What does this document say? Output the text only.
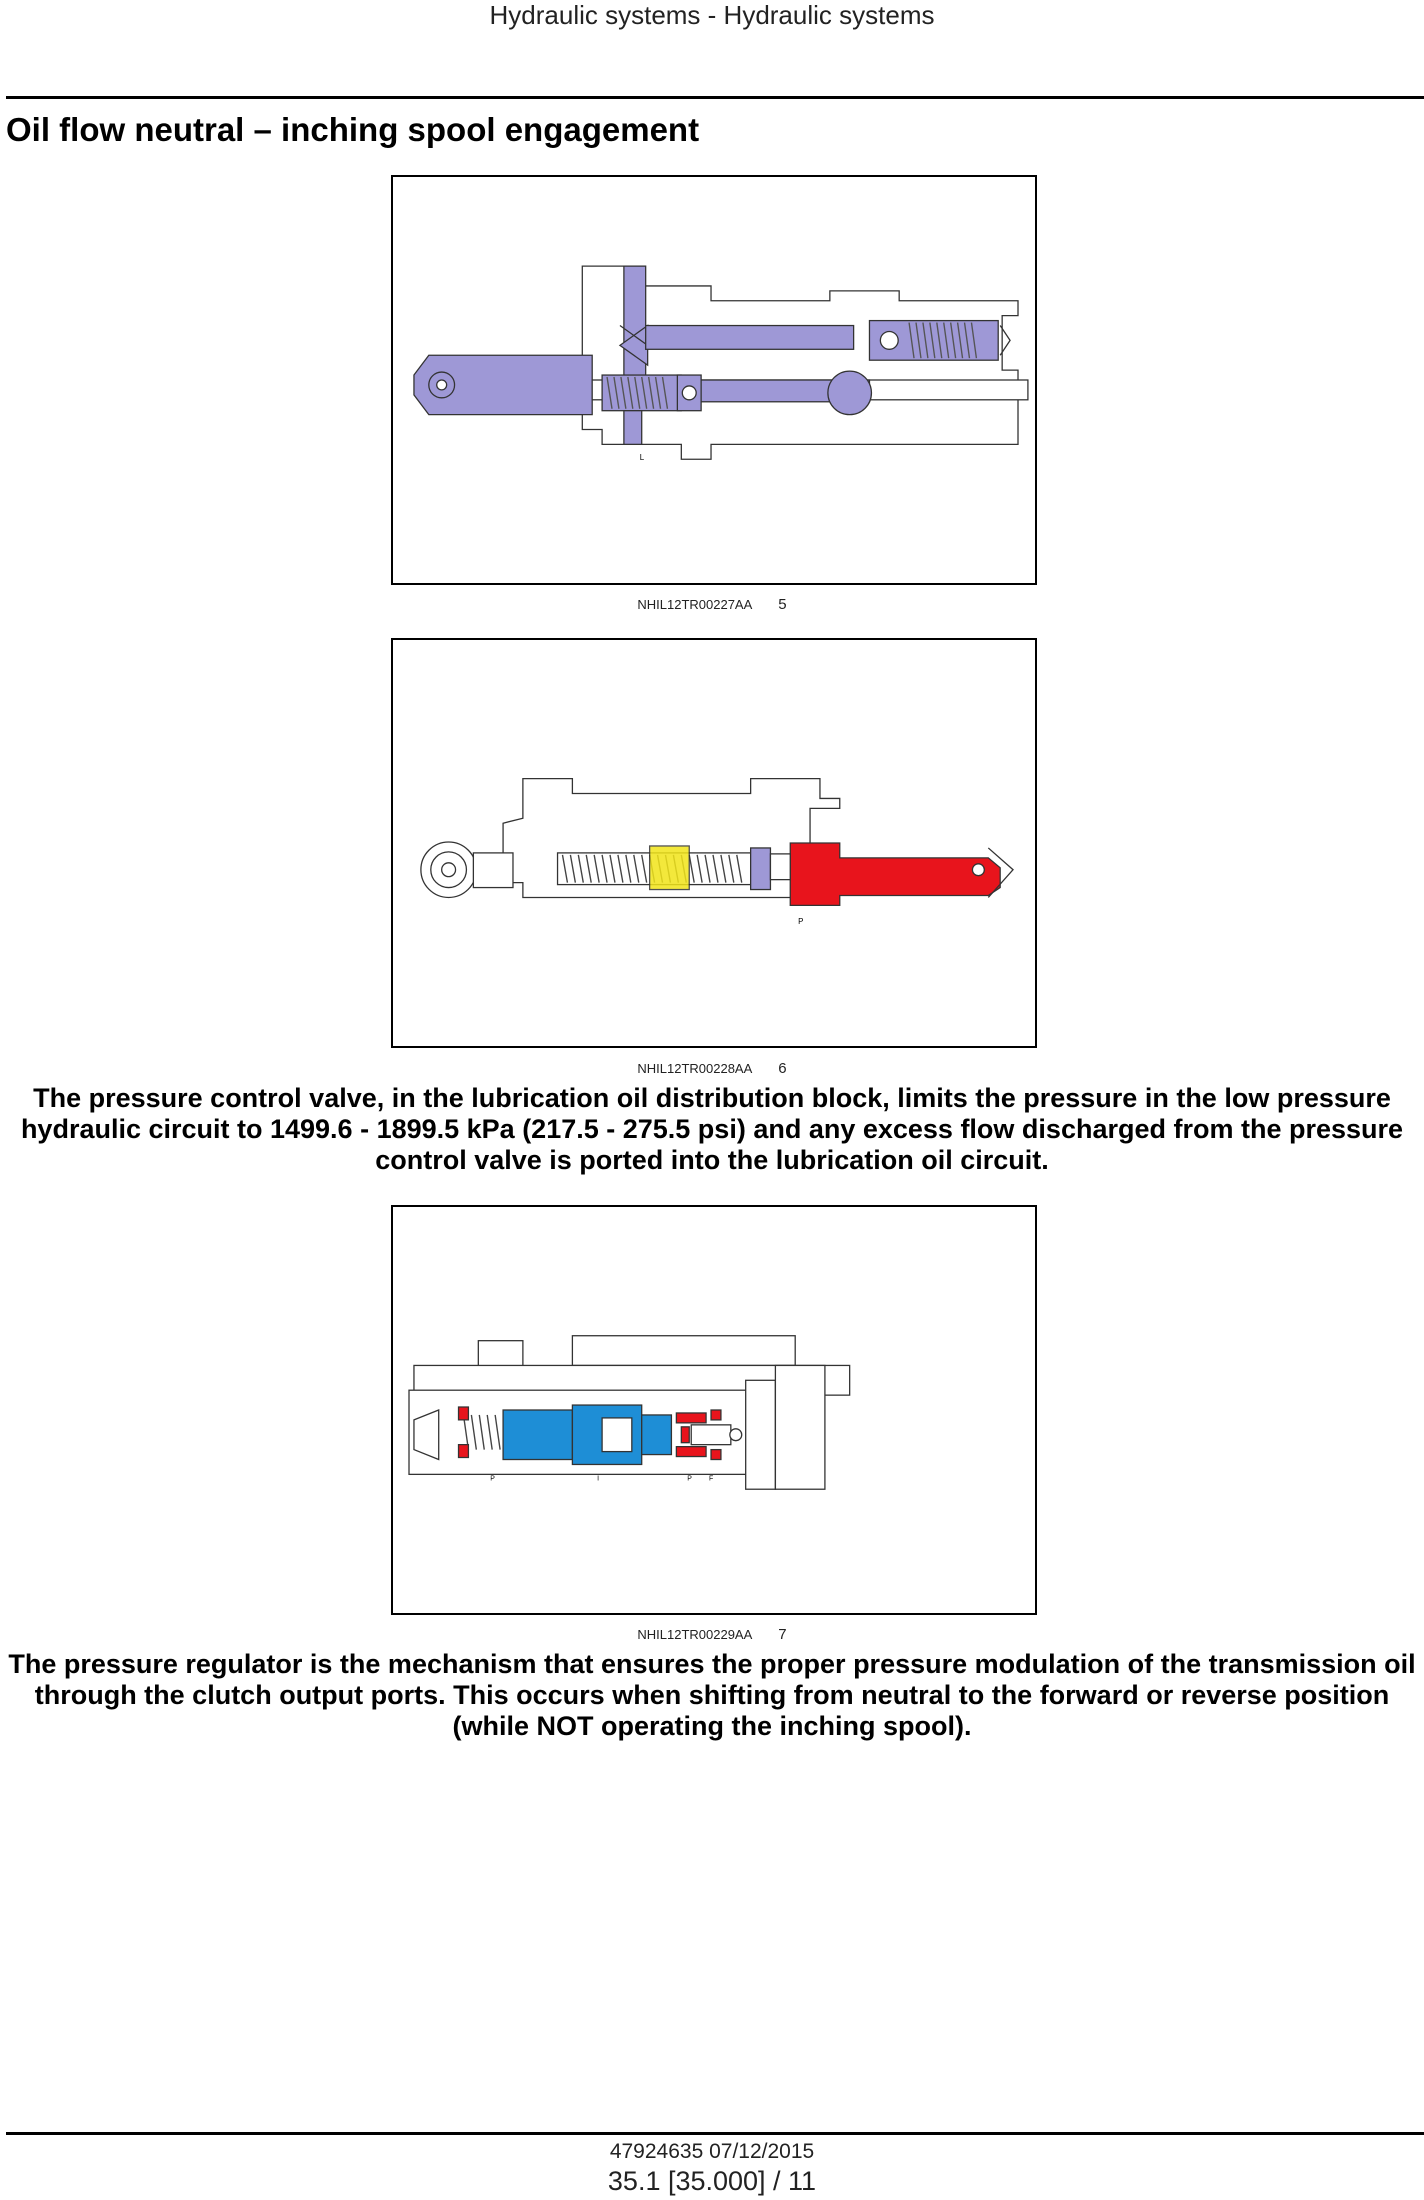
Hydraulic systems - Hydraulic systems
Oil flow neutral – inching spool engagement
L
NHIL12TR00227AA 5
P
NHIL12TR00228AA 6

The pressure control valve, in the lubrication oil distribution block, limits the pressure in the low pressure hydraulic circuit to 1499.6 - 1899.5 kPa (217.5 - 275.5 psi) and any excess flow discharged from the pressure control valve is ported into the lubrication oil circuit.

P	I	P F
NHIL12TR00229AA 7

The pressure regulator is the mechanism that ensures the proper pressure modulation of the transmission oil through the clutch output ports. This occurs when shifting from neutral to the forward or reverse position (while NOT operating the inching spool).

47924635 07/12/2015
35.1 [35.000] / 11
